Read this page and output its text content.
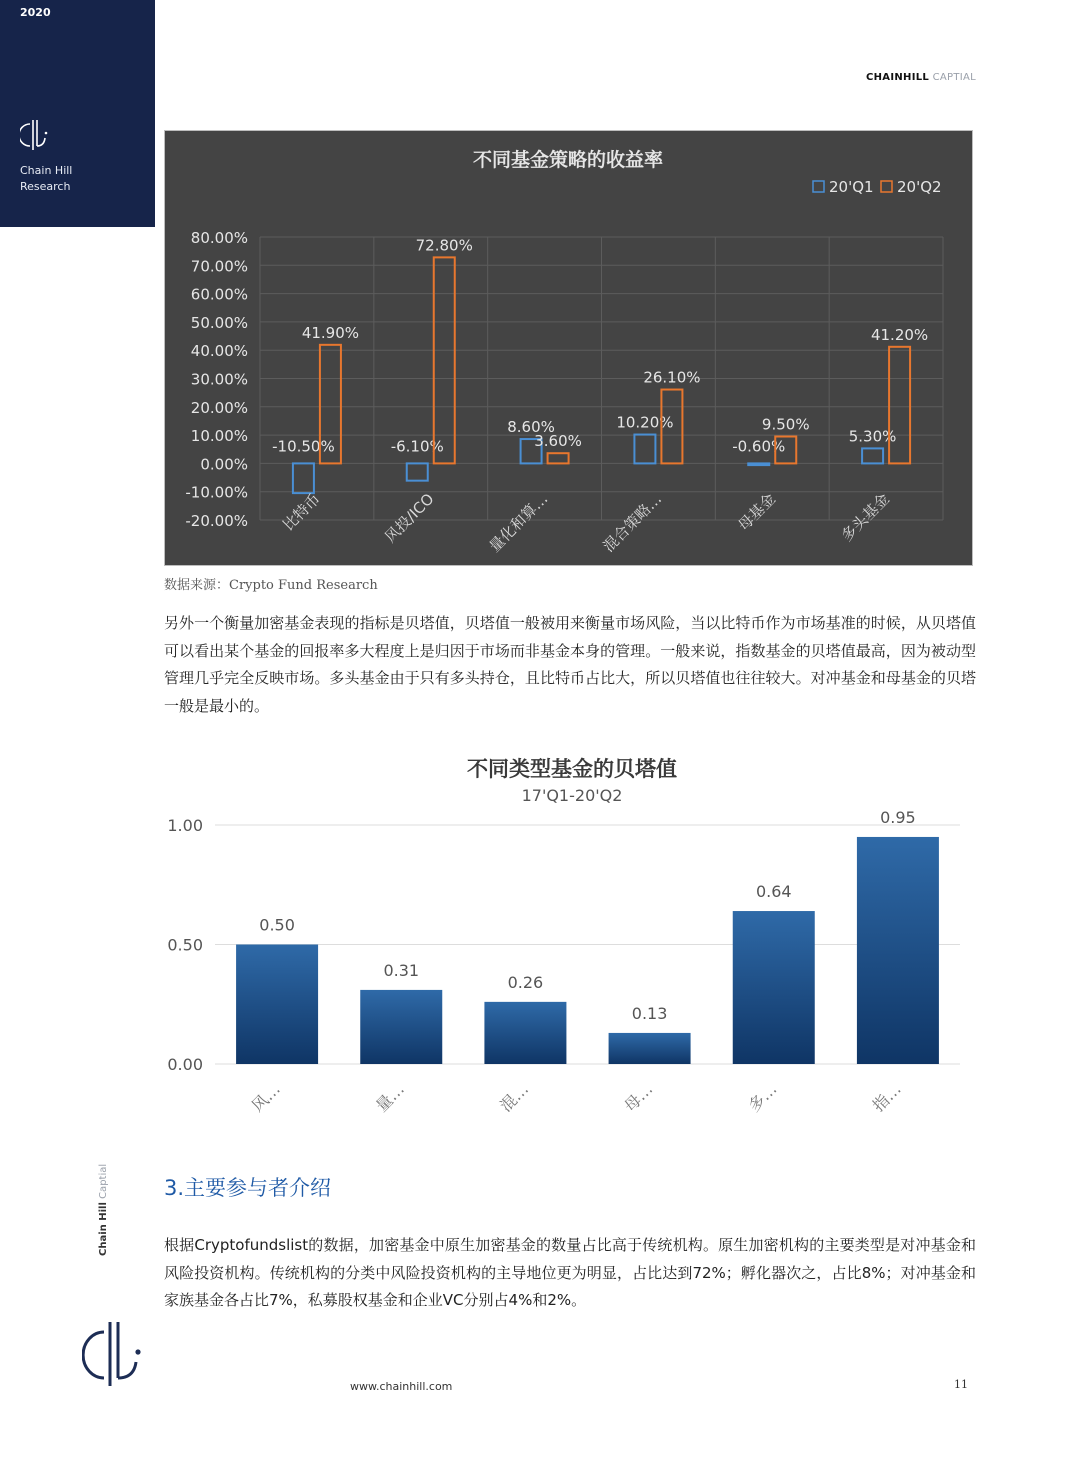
2020
Chain Hill
Research
CHAINHILL CAPTIAL
不同基金策略的收益率
20'Q1 20'Q2
80.00%
70.00%
60.00%
50.00%
40.00%
30.00%
20.00%
10.00%
0.00%
-10.00%
-20.00%
-10.50%
41.90%
比特币
-6.10%
72.80%
风投/ICO
8.60%
3.60%
量化和算…
10.20%
26.10%
混合策略…
-0.60%
9.50%
母基金
5.30%
41.20%
多头基金
数据来源：Crypto Fund Research
另外一个衡量加密基金表现的指标是贝塔值，贝塔值一般被用来衡量市场风险，当以比特币作为市场基准的时候，从贝塔值可以看出某个基金的回报率多大程度上是归因于市场而非基金本身的管理。一般来说，指数基金的贝塔值最高，因为被动型管理几乎完全反映市场。多头基金由于只有多头持仓，且比特币占比大，所以贝塔值也往往较大。对冲基金和母基金的贝塔一般是最小的。
不同类型基金的贝塔值
17'Q1-20'Q2
1.00
0.50
0.00
0.50
风…
0.31
量…
0.26
混…
0.13
母…
0.64
多…
0.95
指…
3.主要参与者介绍
根据Cryptofundslist的数据，加密基金中原生加密基金的数量占比高于传统机构。原生加密机构的主要类型是对冲基金和风险投资机构。传统机构的分类中风险投资机构的主导地位更为明显，占比达到72%；孵化器次之，占比8%；对冲基金和家族基金各占比7%，私募股权基金和企业VC分别占4%和2%。
Chain Hill Captial
www.chainhill.com	11
